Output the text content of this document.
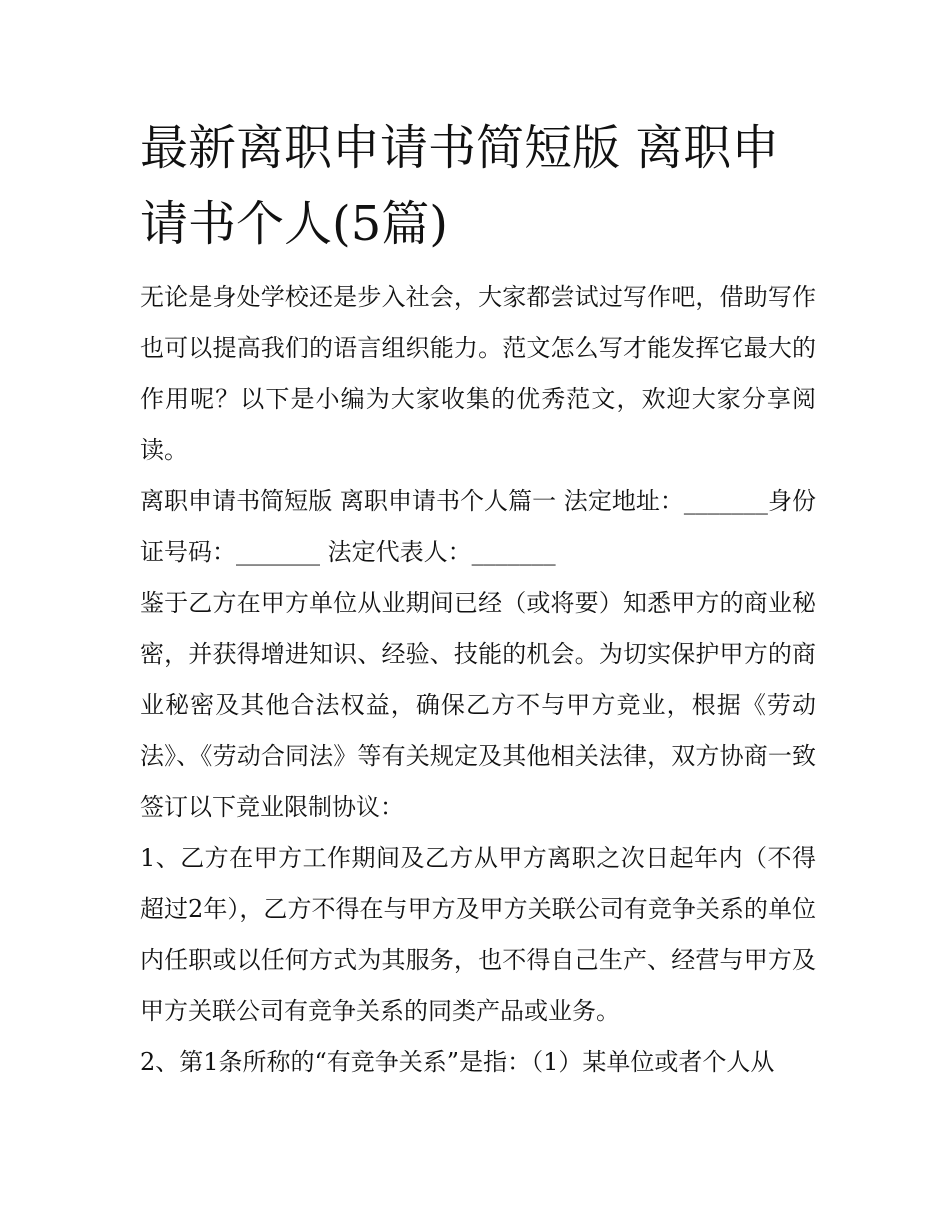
最新离职申请书简短版 离职申请书个人(5篇)

无论是身处学校还是步入社会，大家都尝试过写作吧，借助写作也可以提高我们的语言组织能力。范文怎么写才能发挥它最大的作用呢？以下是小编为大家收集的优秀范文，欢迎大家分享阅读。

离职申请书简短版 离职申请书个人篇一 法定地址：_______身份证号码：_______ 法定代表人：_______

鉴于乙方在甲方单位从业期间已经（或将要）知悉甲方的商业秘密，并获得增进知识、经验、技能的机会。为切实保护甲方的商业秘密及其他合法权益，确保乙方不与甲方竞业，根据《劳动法》、《劳动合同法》等有关规定及其他相关法律，双方协商一致签订以下竞业限制协议：

1、乙方在甲方工作期间及乙方从甲方离职之次日起年内（不得超过2年），乙方不得在与甲方及甲方关联公司有竞争关系的单位内任职或以任何方式为其服务，也不得自己生产、经营与甲方及甲方关联公司有竞争关系的同类产品或业务。

2、第1条所称的“有竞争关系”是指：（1）某单位或者个人从
